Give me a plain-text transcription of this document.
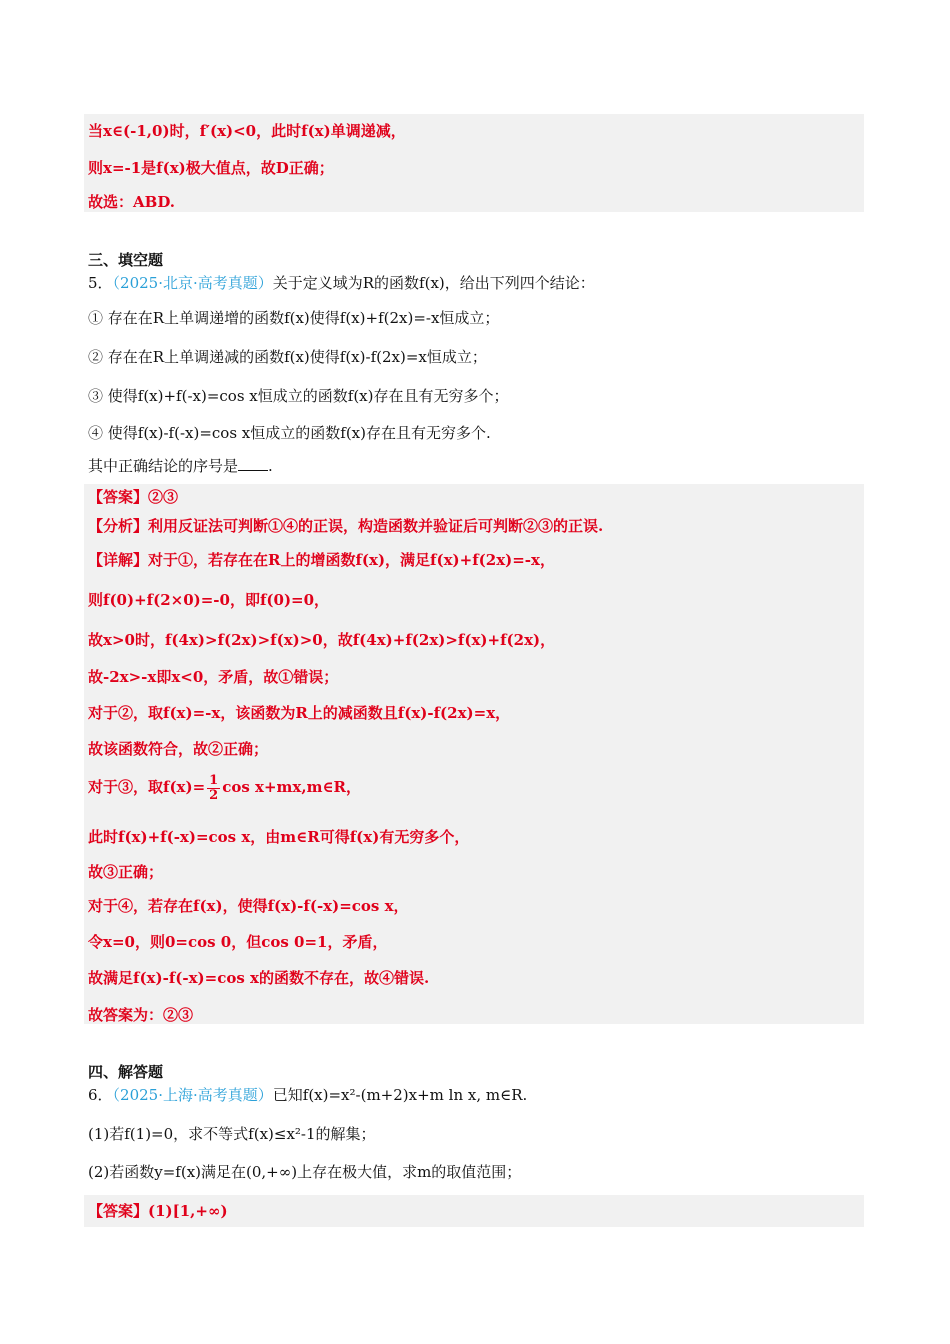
当x∈(-1,0)时，f′(x)<0，此时f(x)单调递减，
则x=-1是f(x)极大值点，故D正确；
故选：ABD.
三、填空题
5．（2025·北京·高考真题）关于定义域为R的函数f(x)，给出下列四个结论：
① 存在在R上单调递增的函数f(x)使得f(x)+f(2x)=-x恒成立；
② 存在在R上单调递减的函数f(x)使得f(x)-f(2x)=x恒成立；
③ 使得f(x)+f(-x)=cos x恒成立的函数f(x)存在且有无穷多个；
④ 使得f(x)-f(-x)=cos x恒成立的函数f(x)存在且有无穷多个.
其中正确结论的序号是 .
【答案】②③
【分析】利用反证法可判断①④的正误，构造函数并验证后可判断②③的正误.
【详解】对于①，若存在在R上的增函数f(x)，满足f(x)+f(2x)=-x，
则f(0)+f(2×0)=-0，即f(0)=0，
故x>0时，f(4x)>f(2x)>f(x)>0，故f(4x)+f(2x)>f(x)+f(2x)，
故-2x>-x即x<0，矛盾，故①错误；
对于②，取f(x)=-x，该函数为R上的减函数且f(x)-f(2x)=x，
故该函数符合，故②正确；
对于③，取$f(x)= \frac{1}{2}$ cos x+mx,m∈R，
此时f(x)+f(-x)=cos x，由m∈R可得f(x)有无穷多个，
故③正确；
对于④，若存在f(x)，使得f(x)-f(-x)=cos x，
令x=0，则0=cos 0，但cos 0=1，矛盾，
故满足f(x)-f(-x)=cos x的函数不存在，故④错误.
故答案为：②③
四、解答题
6．（2025·上海·高考真题）已知f(x)=x²-(m+2)x+m ln x, m∈R.
(1)若f(1)=0，求不等式f(x)≤x²-1的解集；
(2)若函数y=f(x)满足在(0,+∞)上存在极大值，求m的取值范围；
【答案】(1)[1,+∞)
